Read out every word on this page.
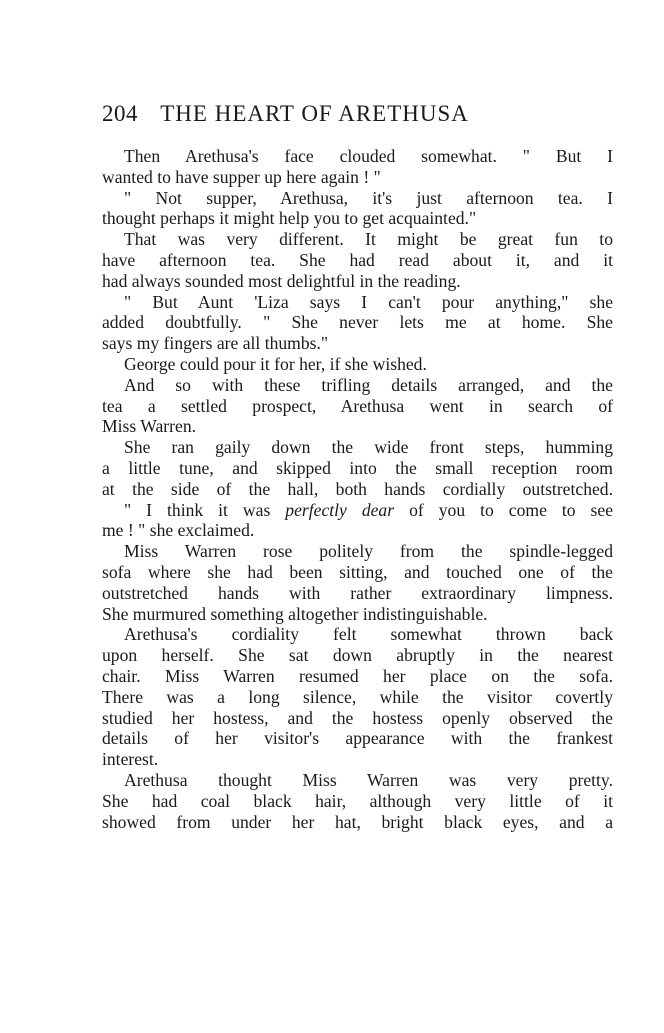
204 THE HEART OF ARETHUSA
Then Arethusa's face clouded somewhat. " But I
wanted to have supper up here again ! "
" Not supper, Arethusa, it's just afternoon tea. I
thought perhaps it might help you to get acquainted."
That was very different. It might be great fun to
have afternoon tea. She had read about it, and it
had always sounded most delightful in the reading.
" But Aunt 'Liza says I can't pour anything," she
added doubtfully. " She never lets me at home. She
says my fingers are all thumbs."
George could pour it for her, if she wished.
And so with these trifling details arranged, and the
tea a settled prospect, Arethusa went in search of
Miss Warren.
She ran gaily down the wide front steps, humming
a little tune, and skipped into the small reception room
at the side of the hall, both hands cordially outstretched.
" I think it was perfectly dear of you to come to see
me ! " she exclaimed.
Miss Warren rose politely from the spindle-legged
sofa where she had been sitting, and touched one of the
outstretched hands with rather extraordinary limpness.
She murmured something altogether indistinguishable.
Arethusa's cordiality felt somewhat thrown back
upon herself. She sat down abruptly in the nearest
chair. Miss Warren resumed her place on the sofa.
There was a long silence, while the visitor covertly
studied her hostess, and the hostess openly observed the
details of her visitor's appearance with the frankest
interest.
Arethusa thought Miss Warren was very pretty.
She had coal black hair, although very little of it
showed from under her hat, bright black eyes, and a
